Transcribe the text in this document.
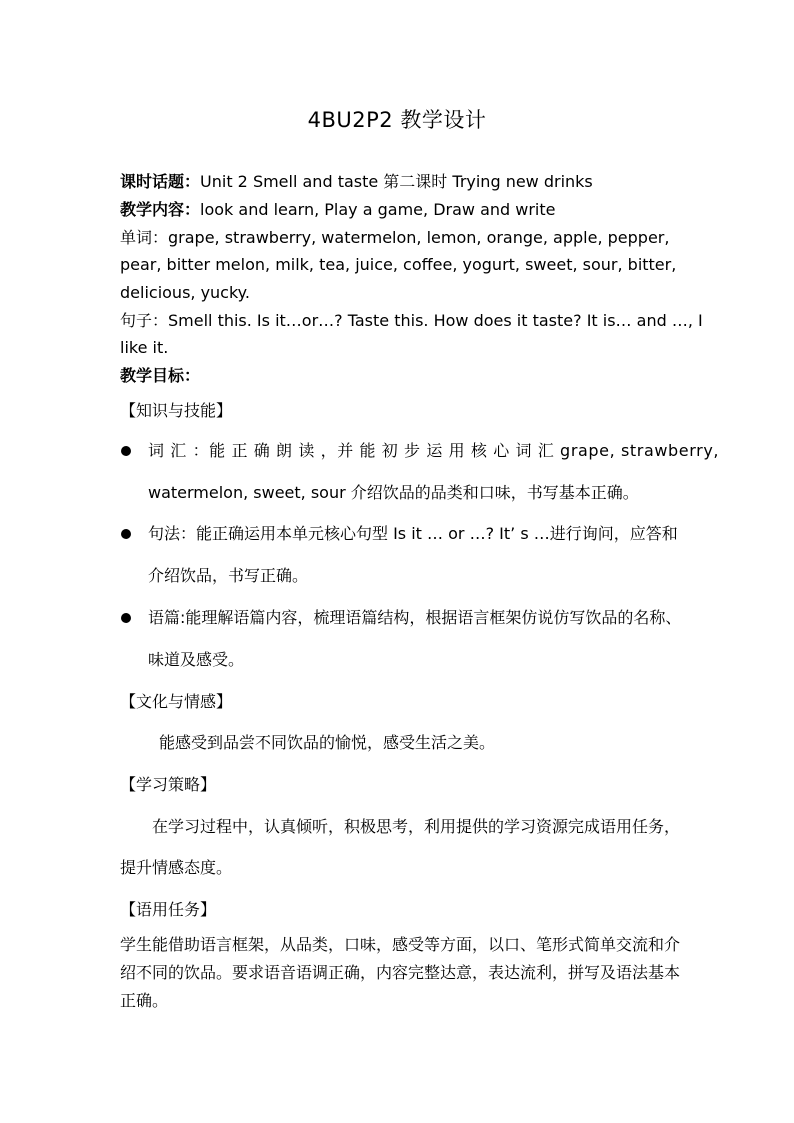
4BU2P2 教学设计
课时话题：Unit 2 Smell and taste 第二课时 Trying new drinks
教学内容：look and learn, Play a game, Draw and write
单词：grape, strawberry, watermelon, lemon, orange, apple, pepper,
pear, bitter melon, milk, tea, juice, coffee, yogurt, sweet, sour, bitter,
delicious, yucky.
句子：Smell this. Is it…or…? Taste this. How does it taste? It is… and …, I
like it.
教学目标：
【知识与技能】
词 汇 ：能 正 确 朗 读 ，并 能 初 步 运 用 核 心 词 汇 grape, strawberry,
watermelon, sweet, sour 介绍饮品的品类和口味，书写基本正确。
句法：能正确运用本单元核心句型 Is it … or …? It’ s …进行询问，应答和
介绍饮品，书写正确。
语篇:能理解语篇内容，梳理语篇结构，根据语言框架仿说仿写饮品的名称、
味道及感受。
【文化与情感】
能感受到品尝不同饮品的愉悦，感受生活之美。
【学习策略】
在学习过程中，认真倾听，积极思考，利用提供的学习资源完成语用任务，
提升情感态度。
【语用任务】
学生能借助语言框架，从品类，口味，感受等方面，以口、笔形式简单交流和介
绍不同的饮品。要求语音语调正确，内容完整达意，表达流利，拼写及语法基本
正确。
